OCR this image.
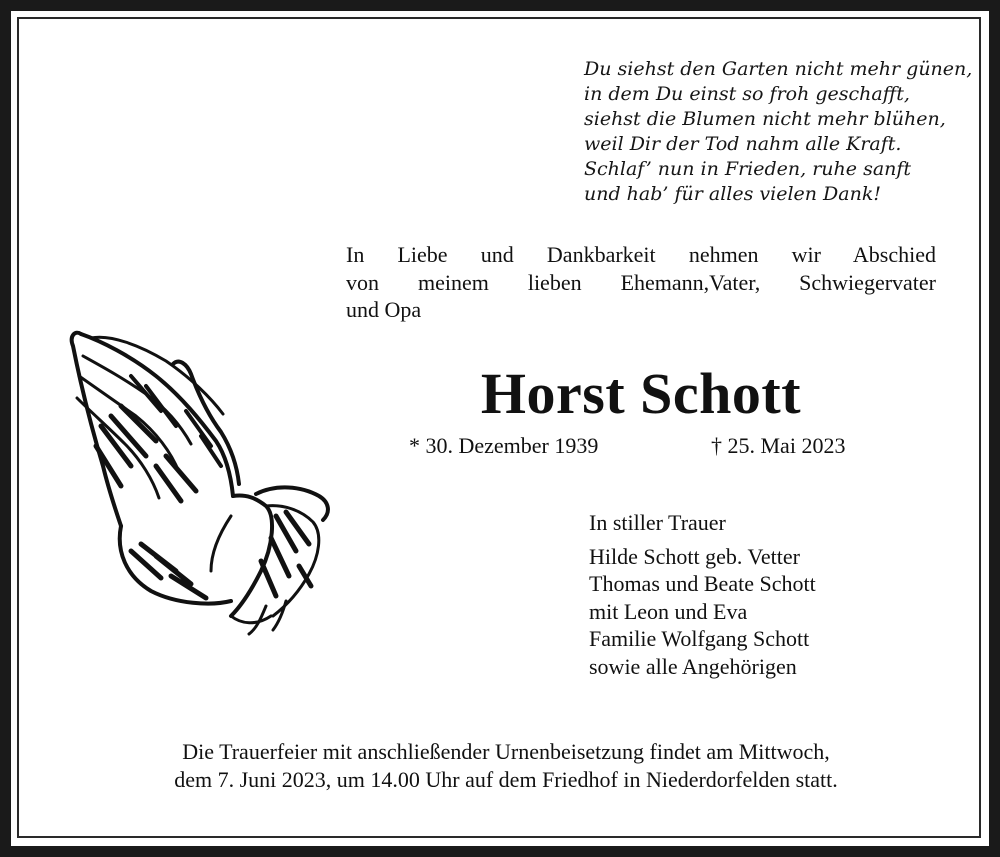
Du siehst den Garten nicht mehr günen,
in dem Du einst so froh geschafft,
siehst die Blumen nicht mehr blühen,
weil Dir der Tod nahm alle Kraft.
Schlaf’ nun in Frieden, ruhe sanft
und hab’ für alles vielen Dank!
In Liebe und Dankbarkeit nehmen wir Abschied
von meinem lieben Ehemann,Vater, Schwiegervater
und Opa
Horst Schott
* 30. Dezember 1939	† 25. Mai 2023
In stiller Trauer
Hilde Schott geb. Vetter
Thomas und Beate Schott
mit Leon und Eva
Familie Wolfgang Schott
sowie alle Angehörigen
Die Trauerfeier mit anschließender Urnenbeisetzung findet am Mittwoch,
dem 7. Juni 2023, um 14.00 Uhr auf dem Friedhof in Niederdorfelden statt.
